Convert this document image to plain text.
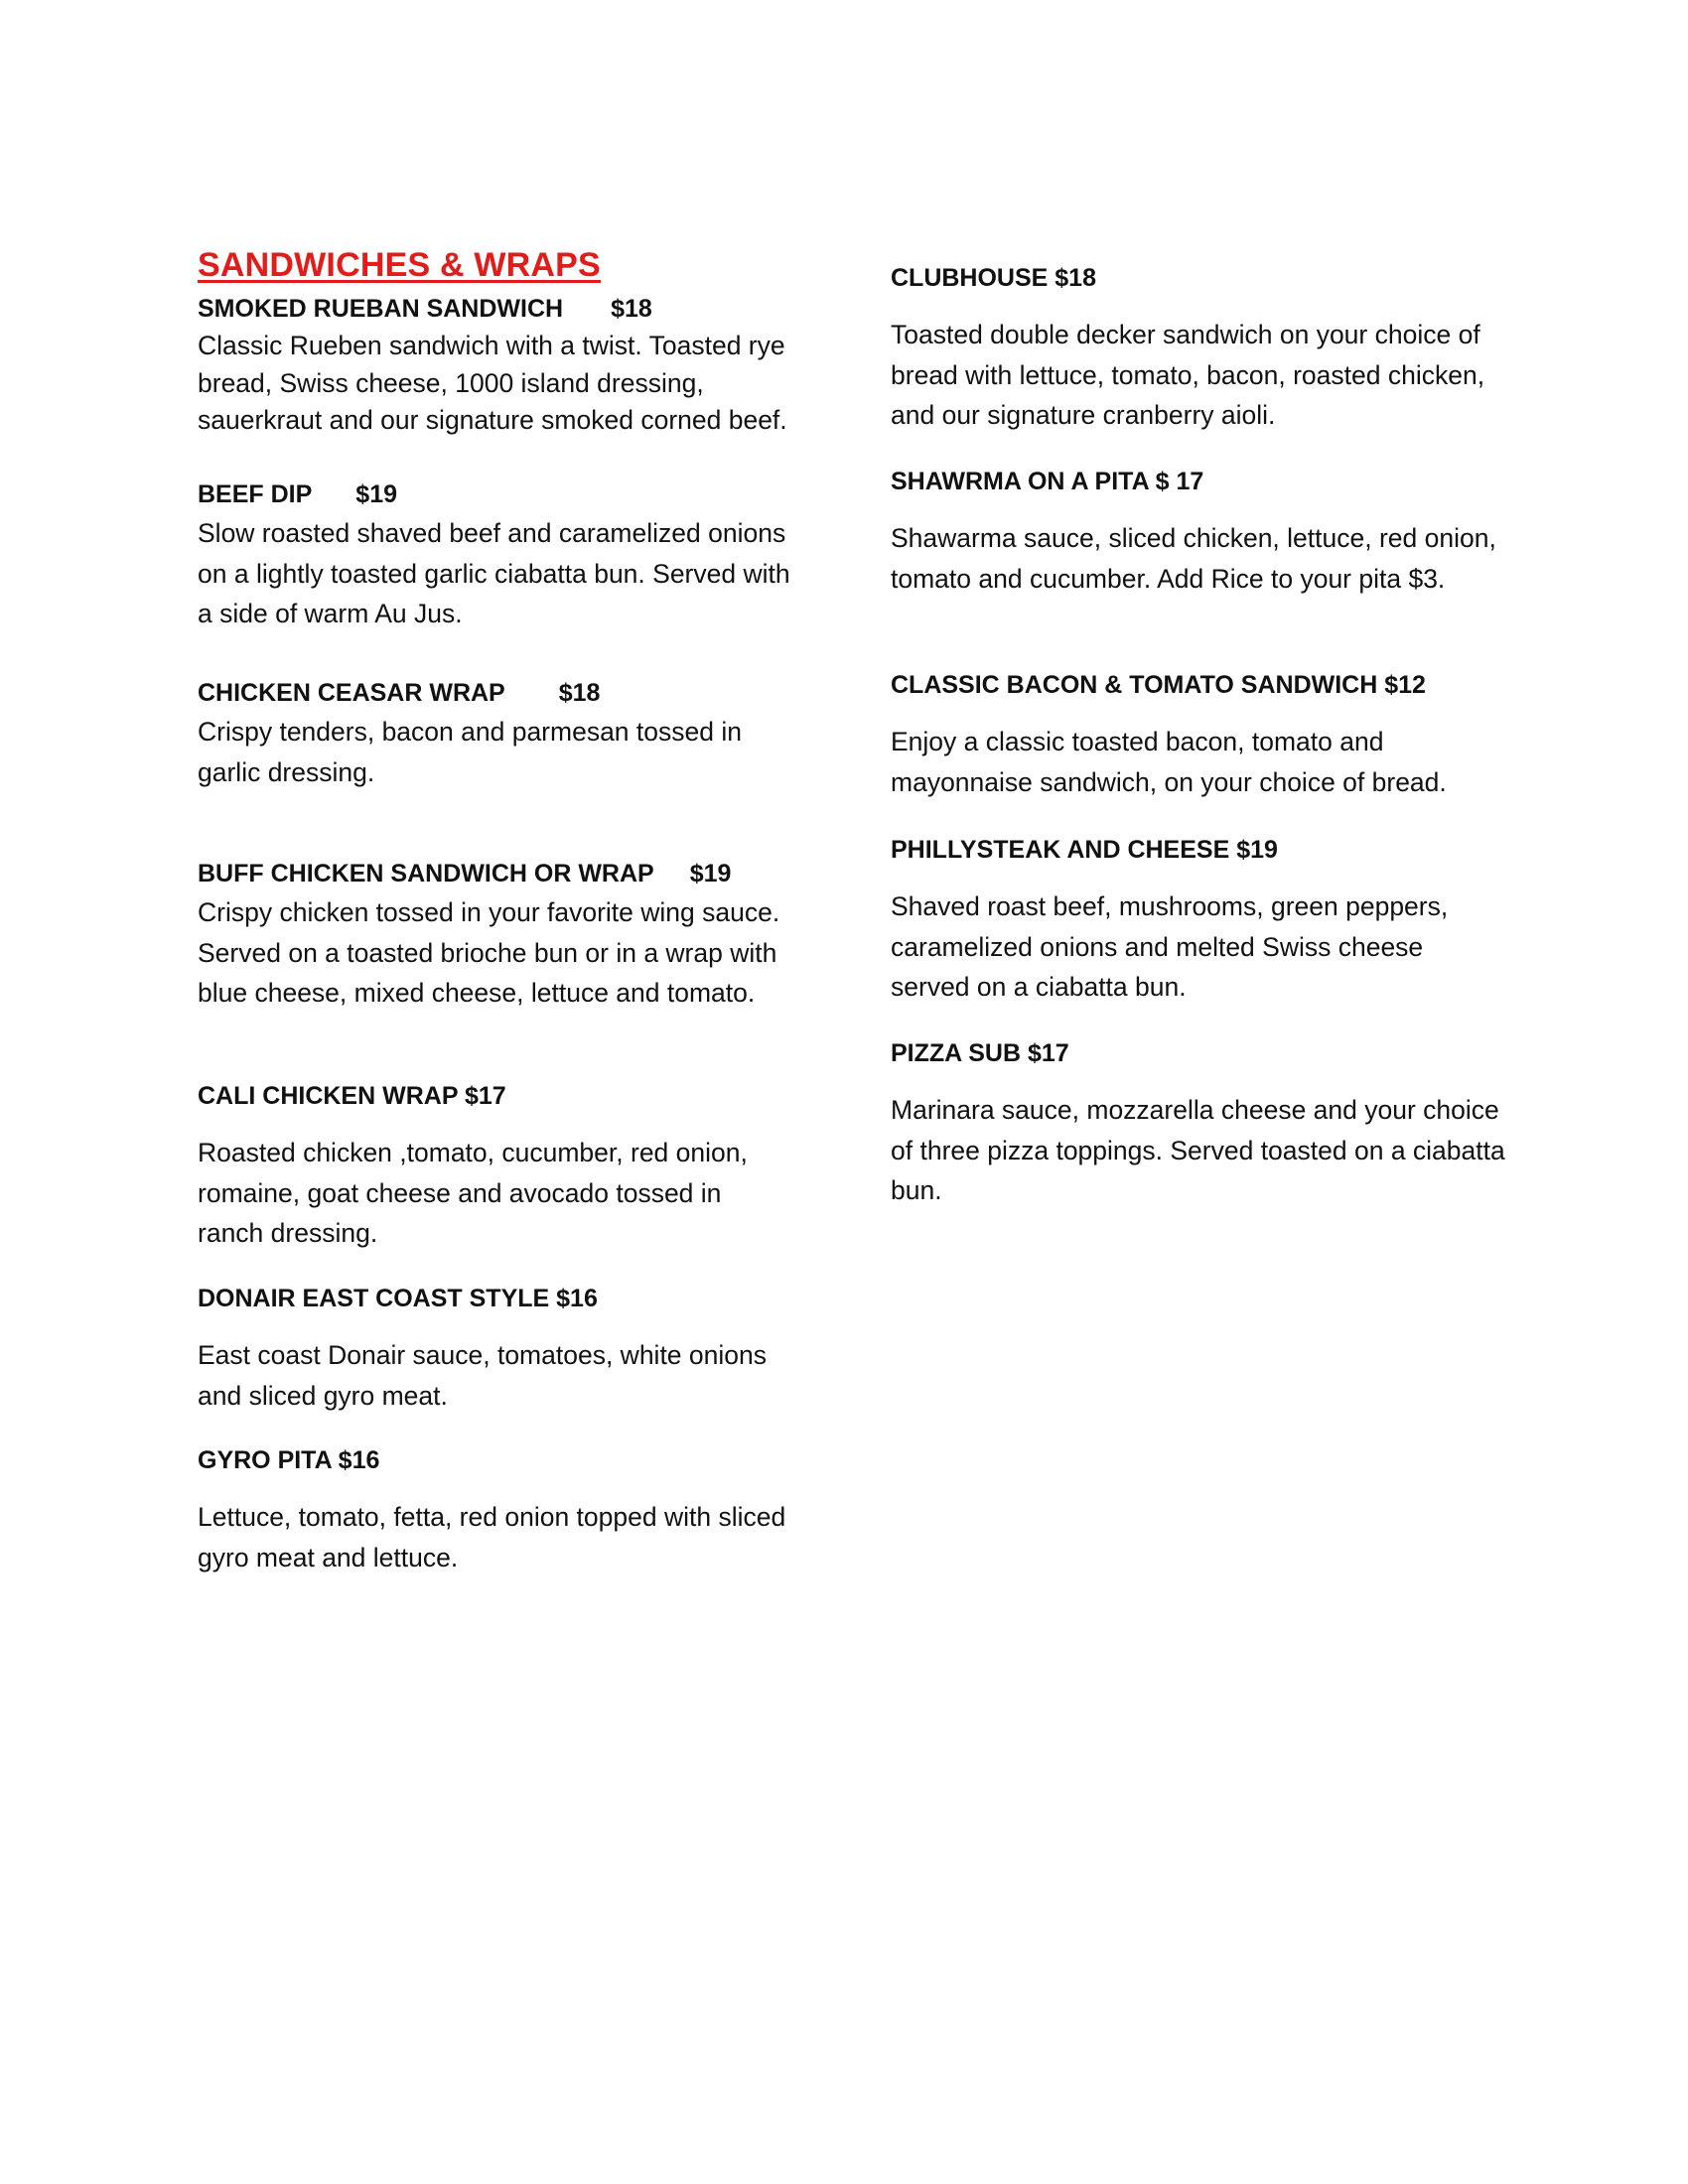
SANDWICHES & WRAPS
SMOKED RUEBAN SANDWICH $18
Classic Rueben sandwich with a twist. Toasted rye bread, Swiss cheese, 1000 island dressing, sauerkraut and our signature smoked corned beef.
BEEF DIP $19
Slow roasted shaved beef and caramelized onions on a lightly toasted garlic ciabatta bun. Served with a side of warm Au Jus.
CHICKEN CEASAR WRAP $18
Crispy tenders, bacon and parmesan tossed in garlic dressing.
BUFF CHICKEN SANDWICH OR WRAP $19
Crispy chicken tossed in your favorite wing sauce. Served on a toasted brioche bun or in a wrap with blue cheese, mixed cheese, lettuce and tomato.
CALI CHICKEN WRAP $17
Roasted chicken ,tomato, cucumber, red onion, romaine, goat cheese and avocado tossed in ranch dressing.
DONAIR EAST COAST STYLE $16
East coast Donair sauce, tomatoes, white onions and sliced gyro meat.
GYRO PITA $16
Lettuce, tomato, fetta, red onion topped with sliced gyro meat and lettuce.
CLUBHOUSE $18
Toasted double decker sandwich on your choice of bread with lettuce, tomato, bacon, roasted chicken, and our signature cranberry aioli.
SHAWRMA ON A PITA $ 17
Shawarma sauce, sliced chicken, lettuce, red onion, tomato and cucumber. Add Rice to your pita $3.
CLASSIC BACON & TOMATO SANDWICH $12
Enjoy a classic toasted bacon, tomato and mayonnaise sandwich, on your choice of bread.
PHILLYSTEAK AND CHEESE $19
Shaved roast beef, mushrooms, green peppers, caramelized onions and melted Swiss cheese served on a ciabatta bun.
PIZZA SUB $17
Marinara sauce, mozzarella cheese and your choice of three pizza toppings. Served toasted on a ciabatta bun.
